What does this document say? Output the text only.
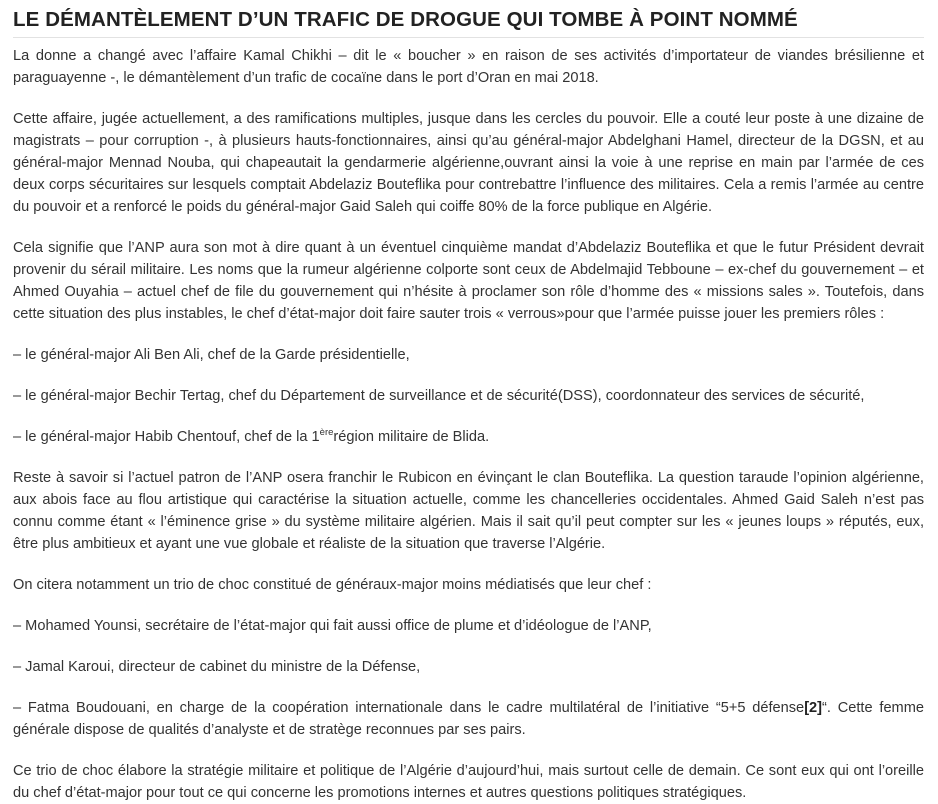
LE DÉMANTÈLEMENT D’UN TRAFIC DE DROGUE QUI TOMBE À POINT NOMMÉ

La donne a changé avec l’affaire Kamal Chikhi – dit le « boucher » en raison de ses activités d’importateur de viandes brésilienne et paraguayenne -, le démantèlement d’un trafic de cocaïne dans le port d’Oran en mai 2018.

Cette affaire, jugée actuellement, a des ramifications multiples, jusque dans les cercles du pouvoir. Elle a couté leur poste à une dizaine de magistrats – pour corruption -, à plusieurs hauts-fonctionnaires, ainsi qu’au général-major Abdelghani Hamel, directeur de la DGSN, et au général-major Mennad Nouba, qui chapeautait la gendarmerie algérienne,ouvrant ainsi la voie à une reprise en main par l’armée de ces deux corps sécuritaires sur lesquels comptait Abdelaziz Bouteflika pour contrebattre l’influence des militaires. Cela a remis l’armée au centre du pouvoir et a renforcé le poids du général-major Gaid Saleh qui coiffe 80% de la force publique en Algérie.

Cela signifie que l’ANP aura son mot à dire quant à un éventuel cinquième mandat d’Abdelaziz Bouteflika et que le futur Président devrait provenir du sérail militaire. Les noms que la rumeur algérienne colporte sont ceux de Abdelmajid Tebboune – ex-chef du gouvernement – et Ahmed Ouyahia – actuel chef de file du gouvernement qui n’hésite à proclamer son rôle d’homme des « missions sales ». Toutefois, dans cette situation des plus instables, le chef d’état-major doit faire sauter trois « verrous»pour que l’armée puisse jouer les premiers rôles :

– le général-major Ali Ben Ali, chef de la Garde présidentielle,

– le général-major Bechir Tertag, chef du Département de surveillance et de sécurité(DSS), coordonnateur des services de sécurité,

– le général-major Habib Chentouf, chef de la 1èrerégion militaire de Blida.

Reste à savoir si l’actuel patron de l’ANP osera franchir le Rubicon en évinçant le clan Bouteflika. La question taraude l’opinion algérienne, aux abois face au flou artistique qui caractérise la situation actuelle, comme les chancelleries occidentales. Ahmed Gaid Saleh n’est pas connu comme étant « l’éminence grise » du système militaire algérien. Mais il sait qu’il peut compter sur les « jeunes loups » réputés, eux, être plus ambitieux et ayant une vue globale et réaliste de la situation que traverse l’Algérie.

On citera notamment un trio de choc constitué de généraux-major moins médiatisés que leur chef :

– Mohamed Younsi, secrétaire de l’état-major qui fait aussi office de plume et d’idéologue de l’ANP,

– Jamal Karoui, directeur de cabinet du ministre de la Défense,

– Fatma Boudouani, en charge de la coopération internationale dans le cadre multilatéral de l’initiative “5+5 défense[2]“. Cette femme générale dispose de qualités d’analyste et de stratège reconnues par ses pairs.

Ce trio de choc élabore la stratégie militaire et politique de l’Algérie d’aujourd’hui, mais surtout celle de demain. Ce sont eux qui ont l’oreille du chef d’état-major pour tout ce qui concerne les promotions internes et autres questions politiques stratégiques.
